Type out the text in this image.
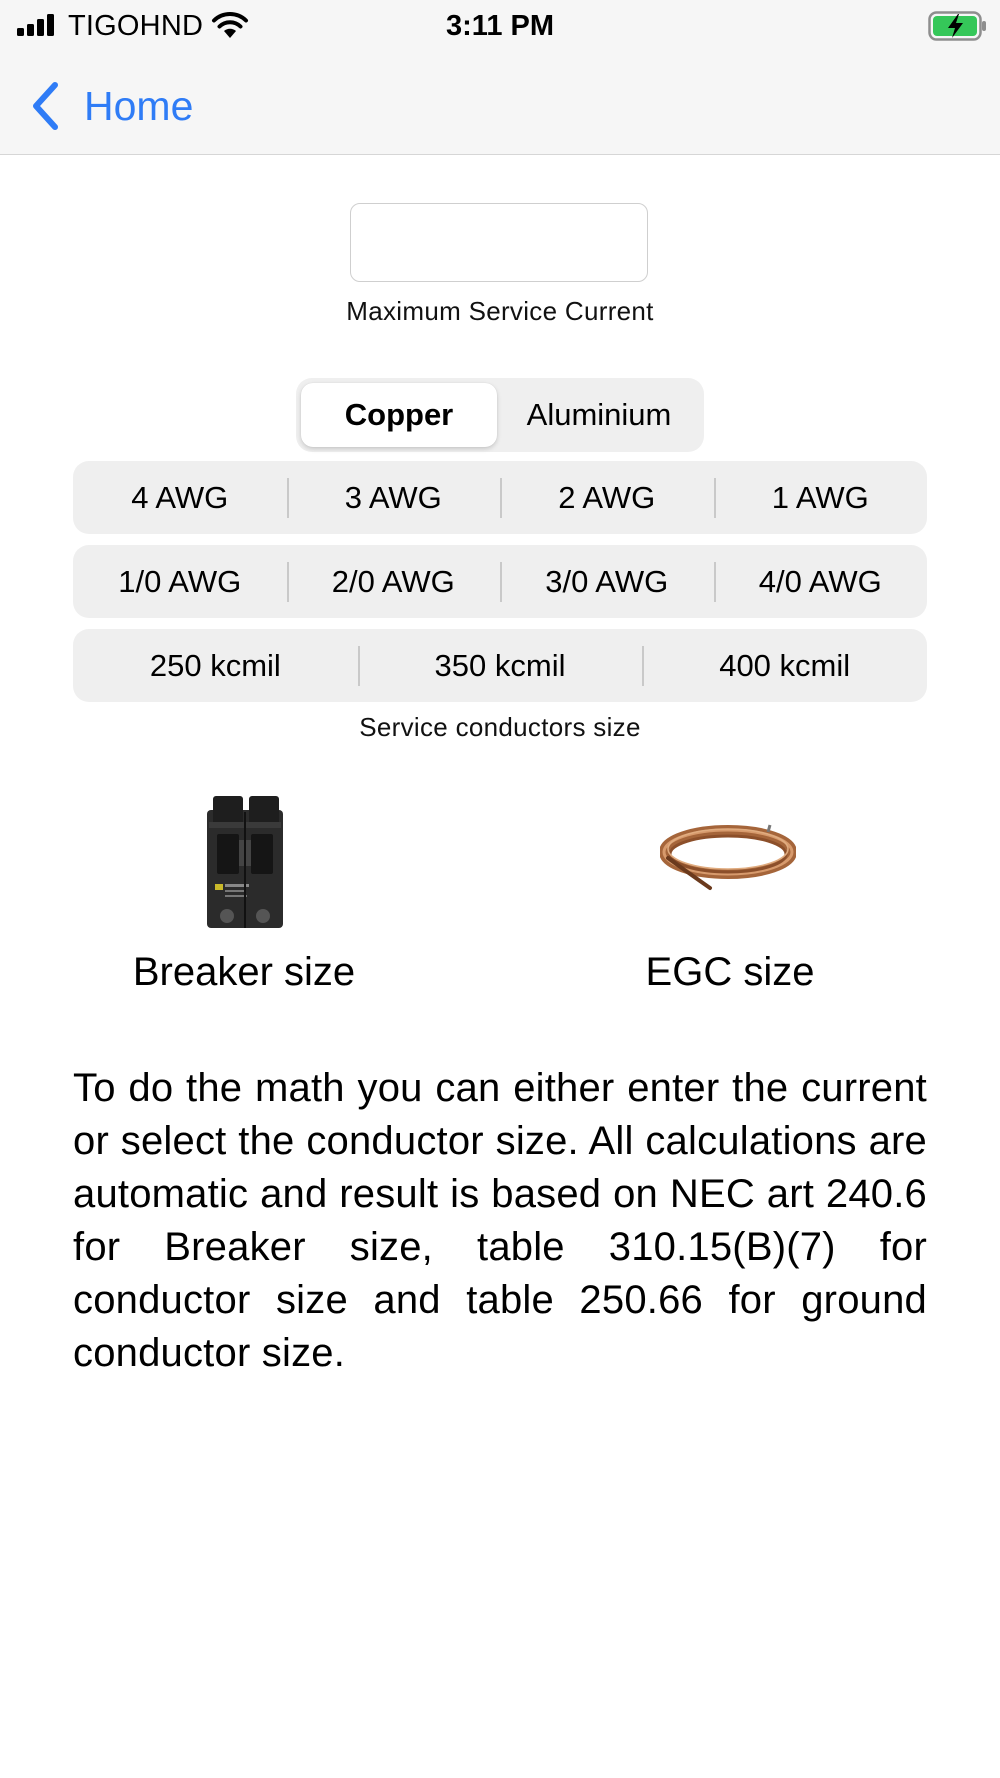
TIGOHND	3:11 PM
Home
Maximum Service Current
Copper	Aluminium
4 AWG	3 AWG	2 AWG	1 AWG
1/0 AWG	2/0 AWG	3/0 AWG	4/0 AWG
250 kcmil	350 kcmil	400 kcmil
Service conductors size
Breaker size	EGC size
To do the math you can either enter the current or select the conductor size. All calculations are automatic and result is based on NEC art 240.6 for Breaker size, table 310.15(B)(7) for conductor size and table 250.66 for ground conductor size.
